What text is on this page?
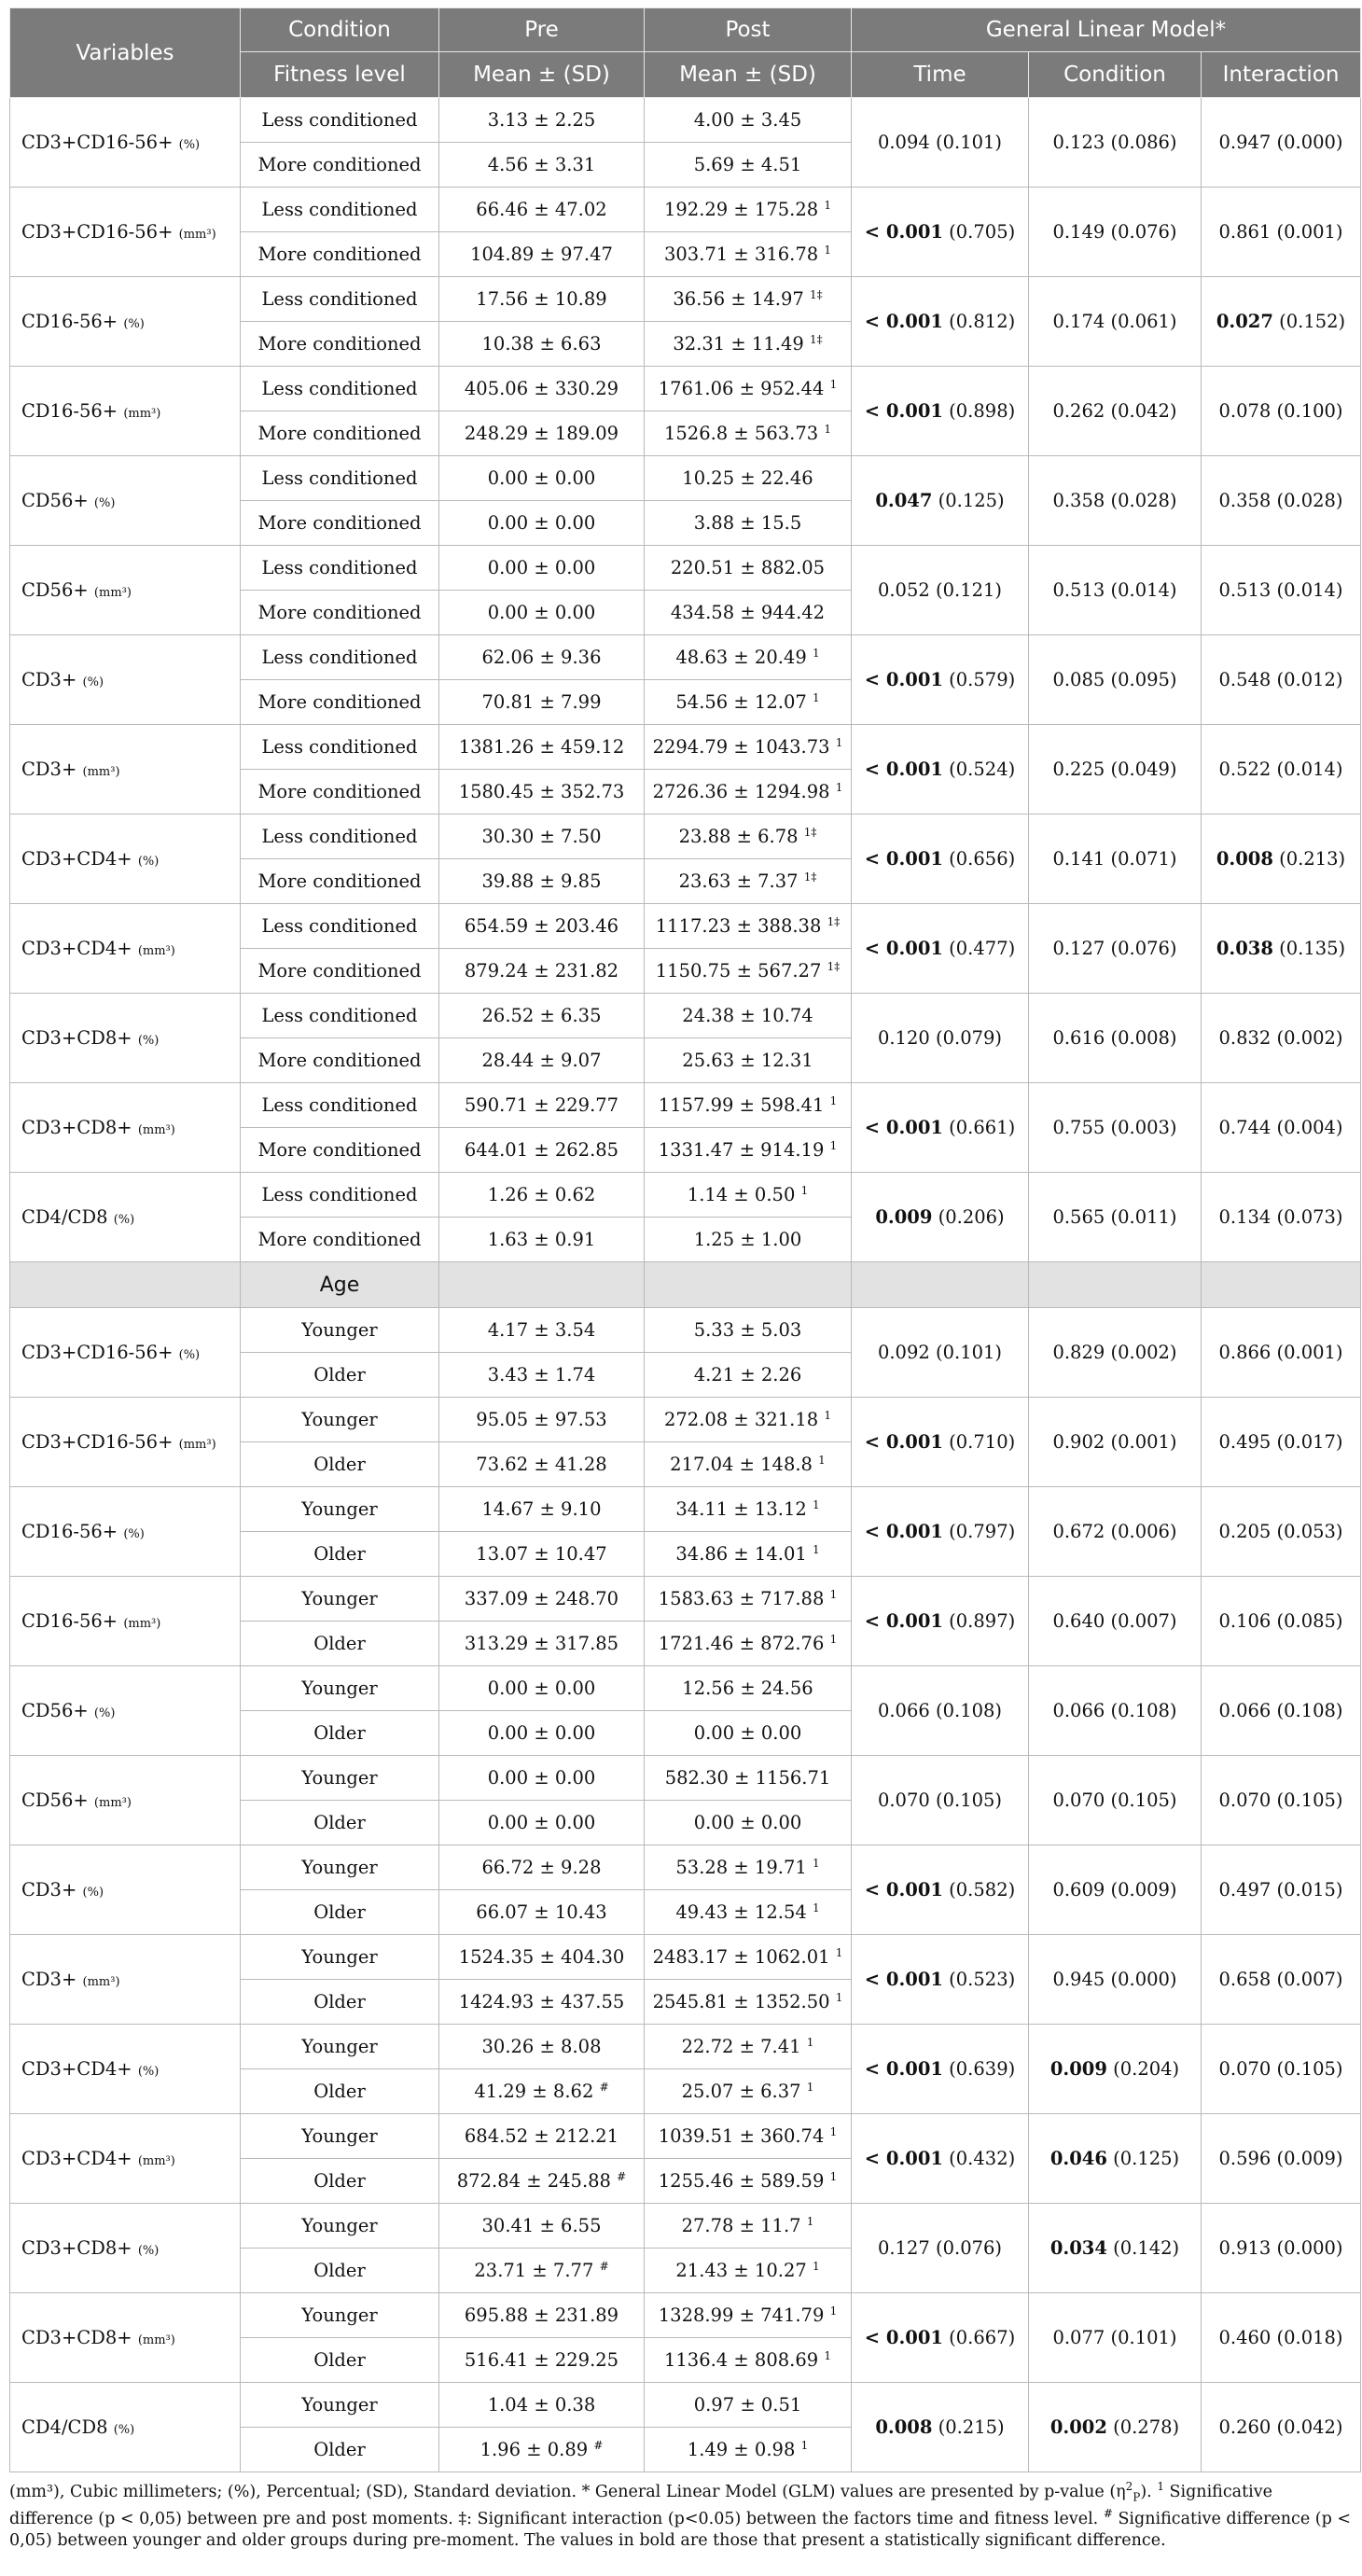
Variables	Condition	Pre	Post	General Linear Model*		
	Fitness level	Mean ± (SD)	Mean ± (SD)	Time	Condition	Interaction
CD3+CD16-56+ (%)	Less conditioned	3.13 ± 2.25	4.00 ± 3.45	0.094 (0.101)	0.123 (0.086)	0.947 (0.000)
	More conditioned	4.56 ± 3.31	5.69 ± 4.51			
CD3+CD16-56+ (mm³)	Less conditioned	66.46 ± 47.02	192.29 ± 175.28 $^1$	< 0.001 (0.705)	0.149 (0.076)	0.861 (0.001)
	More conditioned	104.89 ± 97.47	303.71 ± 316.78 $^1$
CD16-56+ (%)	Less conditioned	17.56 ± 10.89	36.56 ± 14.97 $^{1\ddagger}$	< 0.001 (0.812)	0.174 (0.061)	0.027 (0.152)
	More conditioned	10.38 ± 6.63	32.31 ± 11.49 $^{1\ddagger}$
CD16-56+ (mm³)	Less conditioned	405.06 ± 330.29	1761.06 ± 952.44 $^1$	< 0.001 (0.898)	0.262 (0.042)	0.078 (0.100)
	More conditioned	248.29 ± 189.09	1526.8 ± 563.73 $^1$
CD56+ (%)	Less conditioned	0.00 ± 0.00	10.25 ± 22.46	0.047 (0.125)	0.358 (0.028)	0.358 (0.028)
	More conditioned	0.00 ± 0.00	3.88 ± 15.5			
CD56+ (mm³)	Less conditioned	0.00 ± 0.00	220.51 ± 882.05	0.052 (0.121)	0.513 (0.014)	0.513 (0.014)
	More conditioned	0.00 ± 0.00	434.58 ± 944.42			
CD3+ (%)	Less conditioned	62.06 ± 9.36	48.63 ± 20.49 $^1$	< 0.001 (0.579)	0.085 (0.095)	0.548 (0.012)
	More conditioned	70.81 ± 7.99	54.56 ± 12.07 $^1$
CD3+ (mm³)	Less conditioned	1381.26 ± 459.12	2294.79 ± 1043.73 $^1$	< 0.001 (0.524)	0.225 (0.049)	0.522 (0.014)
	More conditioned	1580.45 ± 352.73	2726.36 ± 1294.98 $^1$
CD3+CD4+ (%)	Less conditioned	30.30 ± 7.50	23.88 ± 6.78 $^{1\ddagger}$	< 0.001 (0.656)	0.141 (0.071)	0.008 (0.213)
	More conditioned	39.88 ± 9.85	23.63 ± 7.37 $^{1\ddagger}$
CD3+CD4+ (mm³)	Less conditioned	654.59 ± 203.46	1117.23 ± 388.38 $^{1\ddagger}$	< 0.001 (0.477)	0.127 (0.076)	0.038 (0.135)
	More conditioned	879.24 ± 231.82	1150.75 ± 567.27 $^{1\ddagger}$
CD3+CD8+ (%)	Less conditioned	26.52 ± 6.35	24.38 ± 10.74	0.120 (0.079)	0.616 (0.008)	0.832 (0.002)
	More conditioned	28.44 ± 9.07	25.63 ± 12.31			
CD3+CD8+ (mm³)	Less conditioned	590.71 ± 229.77	1157.99 ± 598.41 $^1$	< 0.001 (0.661)	0.755 (0.003)	0.744 (0.004)
	More conditioned	644.01 ± 262.85	1331.47 ± 914.19 $^1$
CD4/CD8 (%)	Less conditioned	1.26 ± 0.62	1.14 ± 0.50 $^1$	0.009 (0.206)	0.565 (0.011)	0.134 (0.073)
	More conditioned	1.63 ± 0.91	1.25 ± 1.00			
	Age					
CD3+CD16-56+ (%)	Younger	4.17 ± 3.54	5.33 ± 5.03	0.092 (0.101)	0.829 (0.002)	0.866 (0.001)
	Older	3.43 ± 1.74	4.21 ± 2.26			
CD3+CD16-56+ (mm³)	Younger	95.05 ± 97.53	272.08 ± 321.18 $^1$	< 0.001 (0.710)	0.902 (0.001)	0.495 (0.017)
	Older	73.62 ± 41.28	217.04 ± 148.8 $^1$
CD16-56+ (%)	Younger	14.67 ± 9.10	34.11 ± 13.12 $^1$	< 0.001 (0.797)	0.672 (0.006)	0.205 (0.053)
	Older	13.07 ± 10.47	34.86 ± 14.01 $^1$
CD16-56+ (mm³)	Younger	337.09 ± 248.70	1583.63 ± 717.88 $^1$	< 0.001 (0.897)	0.640 (0.007)	0.106 (0.085)
	Older	313.29 ± 317.85	1721.46 ± 872.76 $^1$
CD56+ (%)	Younger	0.00 ± 0.00	12.56 ± 24.56	0.066 (0.108)	0.066 (0.108)	0.066 (0.108)
	Older	0.00 ± 0.00	0.00 ± 0.00			
CD56+ (mm³)	Younger	0.00 ± 0.00	582.30 ± 1156.71	0.070 (0.105)	0.070 (0.105)	0.070 (0.105)
	Older	0.00 ± 0.00	0.00 ± 0.00			
CD3+ (%)	Younger	66.72 ± 9.28	53.28 ± 19.71 $^1$	< 0.001 (0.582)	0.609 (0.009)	0.497 (0.015)
	Older	66.07 ± 10.43	49.43 ± 12.54 $^1$
CD3+ (mm³)	Younger	1524.35 ± 404.30	2483.17 ± 1062.01 $^1$	< 0.001 (0.523)	0.945 (0.000)	0.658 (0.007)
	Older	1424.93 ± 437.55	2545.81 ± 1352.50 $^1$
CD3+CD4+ (%)	Younger	30.26 ± 8.08	22.72 ± 7.41 $^1$	< 0.001 (0.639)	0.009 (0.204)	0.070 (0.105)
	Older	41.29 ± 8.62 #	25.07 ± 6.37 $^1$
CD3+CD4+ (mm³)	Younger	684.52 ± 212.21	1039.51 ± 360.74 $^1$	< 0.001 (0.432)	0.046 (0.125)	0.596 (0.009)
	Older	872.84 ± 245.88 #	1255.46 ± 589.59 $^1$
CD3+CD8+ (%)	Younger	30.41 ± 6.55	27.78 ± 11.7 $^1$	0.127 (0.076)	0.034 (0.142)	0.913 (0.000)
	Older	23.71 ± 7.77 #	21.43 ± 10.27 $^1$
CD3+CD8+ (mm³)	Younger	695.88 ± 231.89	1328.99 ± 741.79 $^1$	< 0.001 (0.667)	0.077 (0.101)	0.460 (0.018)
	Older	516.41 ± 229.25	1136.4 ± 808.69 $^1$
CD4/CD8 (%)	Younger	1.04 ± 0.38	0.97 ± 0.51	0.008 (0.215)	0.002 (0.278)	0.260 (0.042)
	Older	1.96 ± 0.89 #	1.49 ± 0.98 $^1$

(mm³), Cubic millimeters; (%), Percentual; (SD), Standard deviation. * General Linear Model (GLM) values are presented by p-value $(\eta^2_P)$. $^1$ Significative difference (p < 0,05) between pre and post moments. ‡: Significant interaction (p<0.05) between the factors time and fitness level. # Significative difference (p < 0,05) between younger and older groups during pre-moment. The values in bold are those that present a statistically significant difference.
